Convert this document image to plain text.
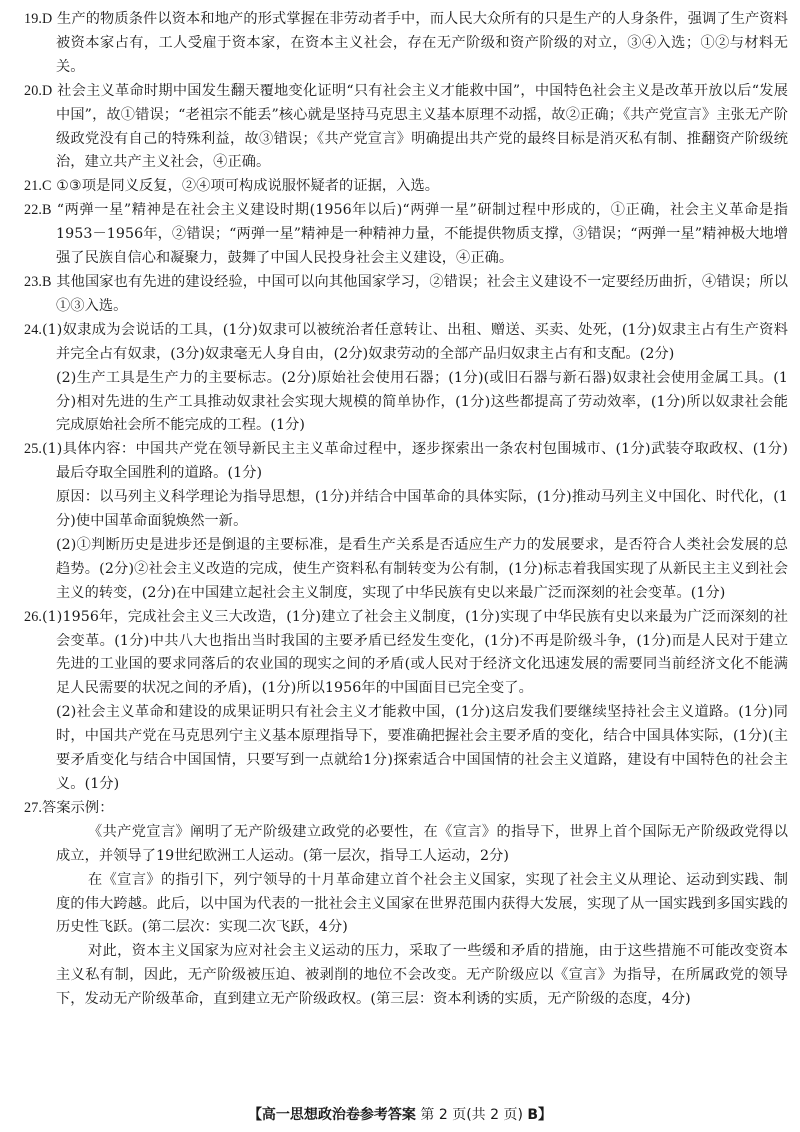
19.D 生产的物质条件以资本和地产的形式掌握在非劳动者手中，而人民大众所有的只是生产的人身条件，强调了生产资料被资本家占有，工人受雇于资本家，在资本主义社会，存在无产阶级和资产阶级的对立，③④入选；①②与材料无关。

20.D 社会主义革命时期中国发生翻天覆地变化证明“只有社会主义才能救中国”，中国特色社会主义是改革开放以后“发展中国”，故①错误；“老祖宗不能丢”核心就是坚持马克思主义基本原理不动摇，故②正确；《共产党宣言》主张无产阶级政党没有自己的特殊利益，故③错误；《共产党宣言》明确提出共产党的最终目标是消灭私有制、推翻资产阶级统治，建立共产主义社会，④正确。

21.C ①③项是同义反复，②④项可构成说服怀疑者的证据，入选。

22.B “两弹一星”精神是在社会主义建设时期(1956年以后)“两弹一星”研制过程中形成的，①正确，社会主义革命是指1953－1956年，②错误；“两弹一星”精神是一种精神力量，不能提供物质支撑，③错误；“两弹一星”精神极大地增强了民族自信心和凝聚力，鼓舞了中国人民投身社会主义建设，④正确。

23.B 其他国家也有先进的建设经验，中国可以向其他国家学习，②错误；社会主义建设不一定要经历曲折，④错误；所以①③入选。

24.(1)奴隶成为会说话的工具，(1分)奴隶可以被统治者任意转让、出租、赠送、买卖、处死，(1分)奴隶主占有生产资料并完全占有奴隶，(3分)奴隶毫无人身自由，(2分)奴隶劳动的全部产品归奴隶主占有和支配。(2分)

(2)生产工具是生产力的主要标志。(2分)原始社会使用石器；(1分)(或旧石器与新石器)奴隶社会使用金属工具。(1分)相对先进的生产工具推动奴隶社会实现大规模的简单协作，(1分)这些都提高了劳动效率，(1分)所以奴隶社会能完成原始社会所不能完成的工程。(1分)

25.(1)具体内容：中国共产党在领导新民主主义革命过程中，逐步探索出一条农村包围城市、(1分)武装夺取政权、(1分)最后夺取全国胜利的道路。(1分)

原因：以马列主义科学理论为指导思想，(1分)并结合中国革命的具体实际，(1分)推动马列主义中国化、时代化，(1分)使中国革命面貌焕然一新。

(2)①判断历史是进步还是倒退的主要标准，是看生产关系是否适应生产力的发展要求，是否符合人类社会发展的总趋势。(2分)②社会主义改造的完成，使生产资料私有制转变为公有制，(1分)标志着我国实现了从新民主主义到社会主义的转变，(2分)在中国建立起社会主义制度，实现了中华民族有史以来最广泛而深刻的社会变革。(1分)

26.(1)1956年，完成社会主义三大改造，(1分)建立了社会主义制度，(1分)实现了中华民族有史以来最为广泛而深刻的社会变革。(1分)中共八大也指出当时我国的主要矛盾已经发生变化，(1分)不再是阶级斗争，(1分)而是人民对于建立先进的工业国的要求同落后的农业国的现实之间的矛盾(或人民对于经济文化迅速发展的需要同当前经济文化不能满足人民需要的状况之间的矛盾)，(1分)所以1956年的中国面目已完全变了。

(2)社会主义革命和建设的成果证明只有社会主义才能救中国，(1分)这启发我们要继续坚持社会主义道路。(1分)同时，中国共产党在马克思列宁主义基本原理指导下，要准确把握社会主要矛盾的变化，结合中国具体实际，(1分)(主要矛盾变化与结合中国国情，只要写到一点就给1分)探索适合中国国情的社会主义道路，建设有中国特色的社会主义。(1分)

27.答案示例：

《共产党宣言》阐明了无产阶级建立政党的必要性，在《宣言》的指导下，世界上首个国际无产阶级政党得以成立，并领导了19世纪欧洲工人运动。(第一层次，指导工人运动，2分)

在《宣言》的指引下，列宁领导的十月革命建立首个社会主义国家，实现了社会主义从理论、运动到实践、制度的伟大跨越。此后，以中国为代表的一批社会主义国家在世界范围内获得大发展，实现了从一国实践到多国实践的历史性飞跃。(第二层次：实现二次飞跃，4分)

对此，资本主义国家为应对社会主义运动的压力，采取了一些缓和矛盾的措施，由于这些措施不可能改变资本主义私有制，因此，无产阶级被压迫、被剥削的地位不会改变。无产阶级应以《宣言》为指导，在所属政党的领导下，发动无产阶级革命，直到建立无产阶级政权。(第三层：资本利诱的实质，无产阶级的态度，4分)

【高一思想政治卷参考答案 第 2 页(共 2 页) B】
